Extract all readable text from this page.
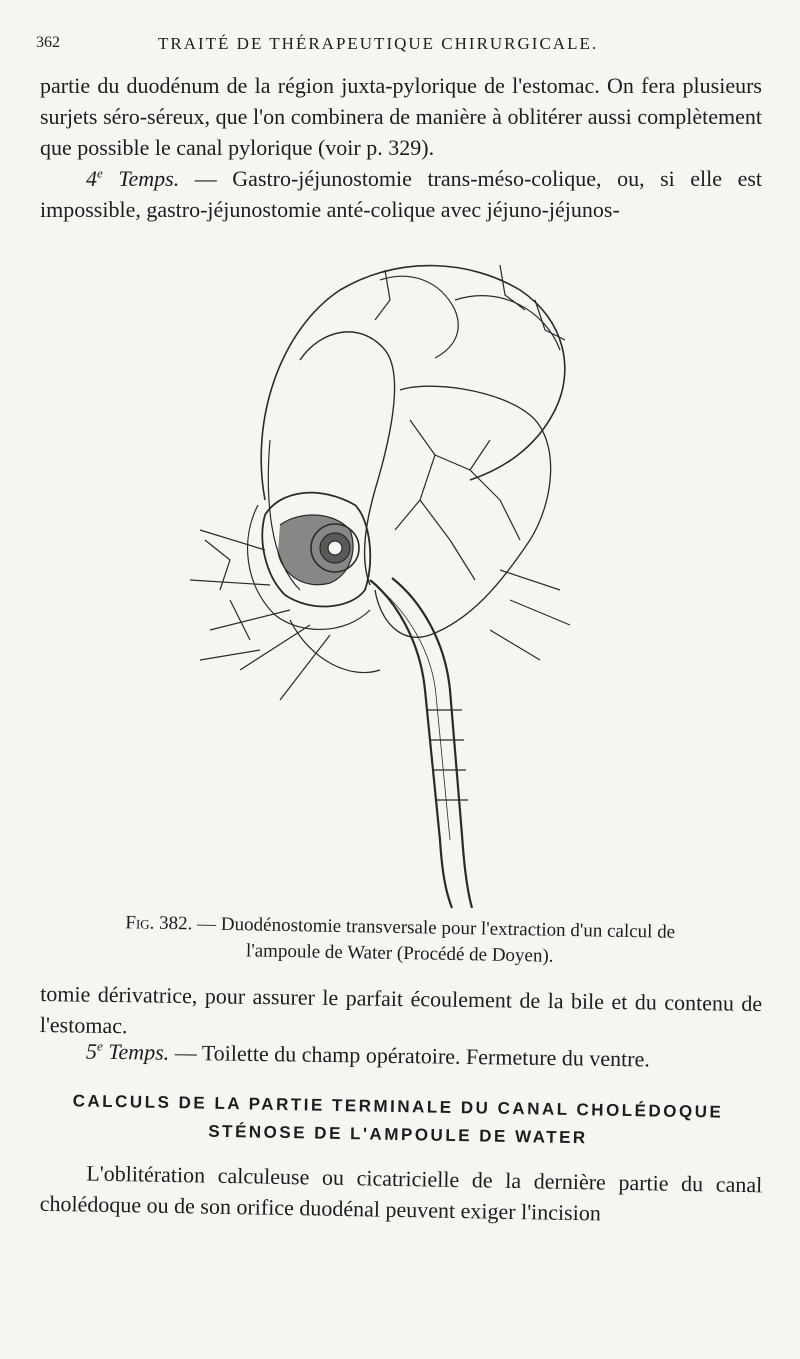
362	TRAITÉ DE THÉRAPEUTIQUE CHIRURGICALE.

partie du duodénum de la région juxta-pylorique de l'estomac. On fera plusieurs surjets séro-séreux, que l'on combinera de manière à oblitérer aussi complètement que possible le canal pylorique (voir p. 329).
4e Temps. — Gastro-jéjunostomie trans-méso-colique, ou, si elle est impossible, gastro-jéjunostomie anté-colique avec jéjuno-jéjunos-

Fig. 382. — Duodénostomie transversale pour l'extraction d'un calcul de l'ampoule de Water (Procédé de Doyen).

tomie dérivatrice, pour assurer le parfait écoulement de la bile et du contenu de l'estomac.

5e Temps. — Toilette du champ opératoire. Fermeture du ventre.

CALCULS DE LA PARTIE TERMINALE DU CANAL CHOLÉDOQUE
STÉNOSE DE L'AMPOULE DE WATER

L'oblitération calculeuse ou cicatricielle de la dernière partie du canal cholédoque ou de son orifice duodénal peuvent exiger l'incision
